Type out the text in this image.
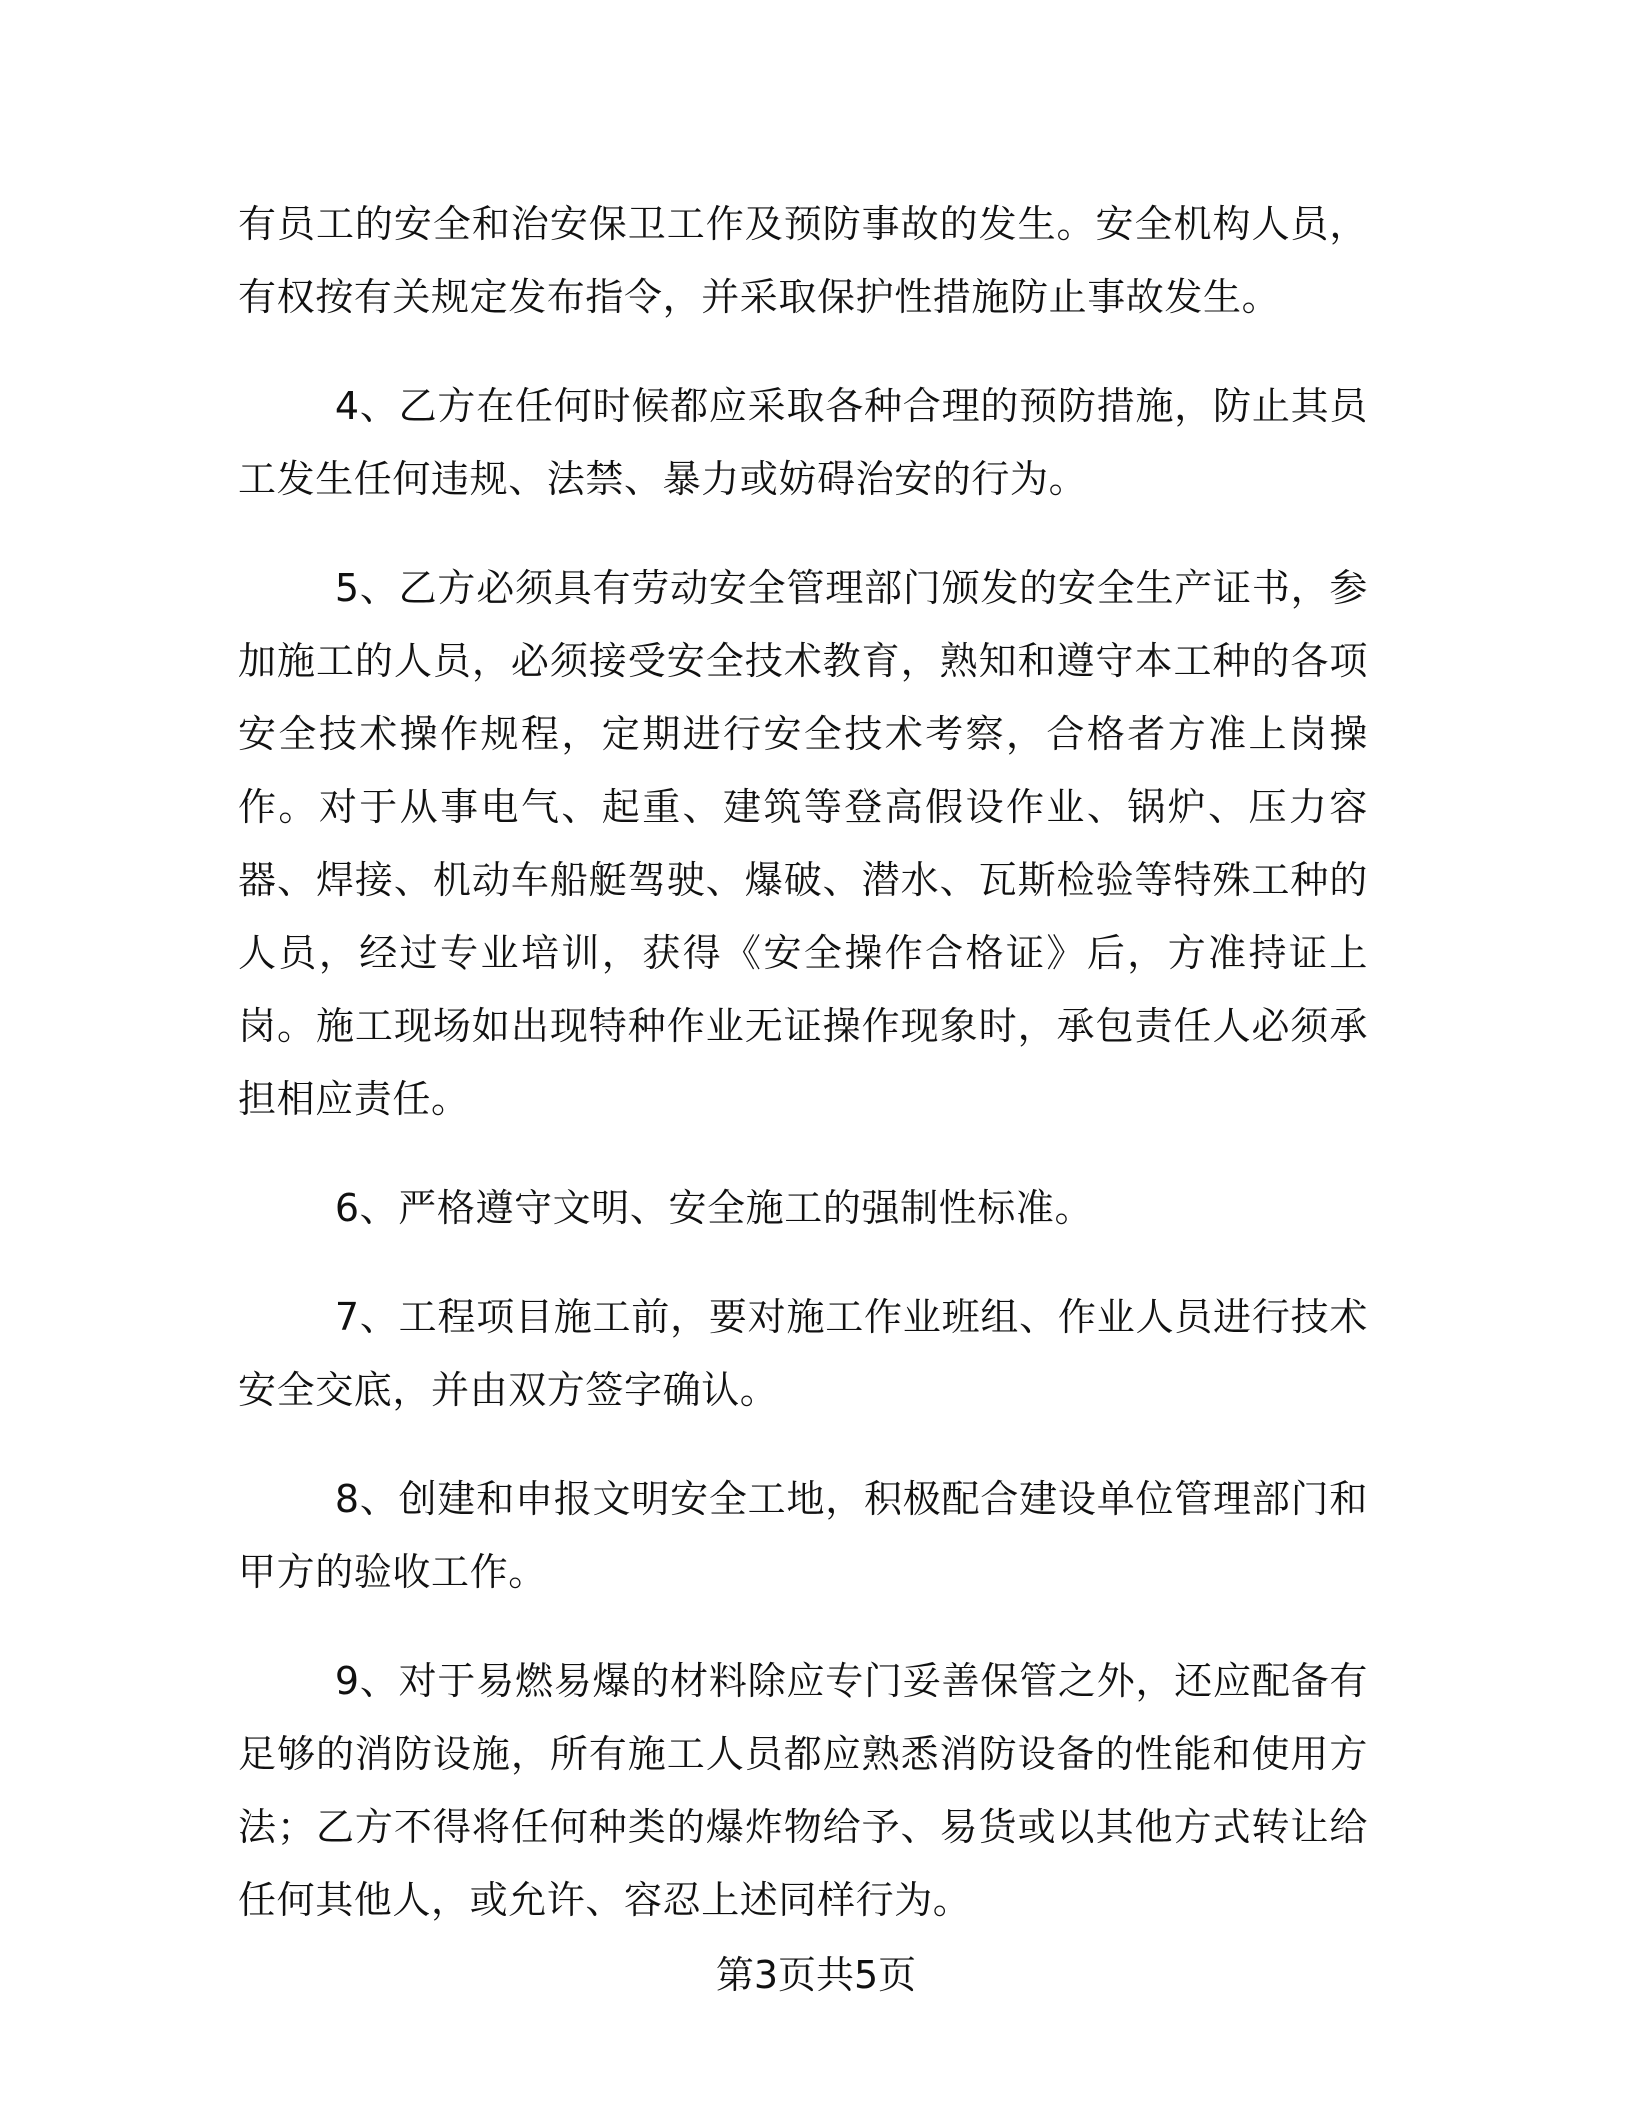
有员工的安全和治安保卫工作及预防事故的发生。安全机构人员，有权按有关规定发布指令，并采取保护性措施防止事故发生。

4、乙方在任何时候都应采取各种合理的预防措施，防止其员工发生任何违规、法禁、暴力或妨碍治安的行为。

5、乙方必须具有劳动安全管理部门颁发的安全生产证书，参加施工的人员，必须接受安全技术教育，熟知和遵守本工种的各项安全技术操作规程，定期进行安全技术考察，合格者方准上岗操作。对于从事电气、起重、建筑等登高假设作业、锅炉、压力容器、焊接、机动车船艇驾驶、爆破、潜水、瓦斯检验等特殊工种的人员，经过专业培训，获得《安全操作合格证》后，方准持证上岗。施工现场如出现特种作业无证操作现象时，承包责任人必须承担相应责任。

6、严格遵守文明、安全施工的强制性标准。

7、工程项目施工前，要对施工作业班组、作业人员进行技术安全交底，并由双方签字确认。

8、创建和申报文明安全工地，积极配合建设单位管理部门和甲方的验收工作。

9、对于易燃易爆的材料除应专门妥善保管之外，还应配备有足够的消防设施，所有施工人员都应熟悉消防设备的性能和使用方法；乙方不得将任何种类的爆炸物给予、易货或以其他方式转让给任何其他人，或允许、容忍上述同样行为。

第3页共5页
